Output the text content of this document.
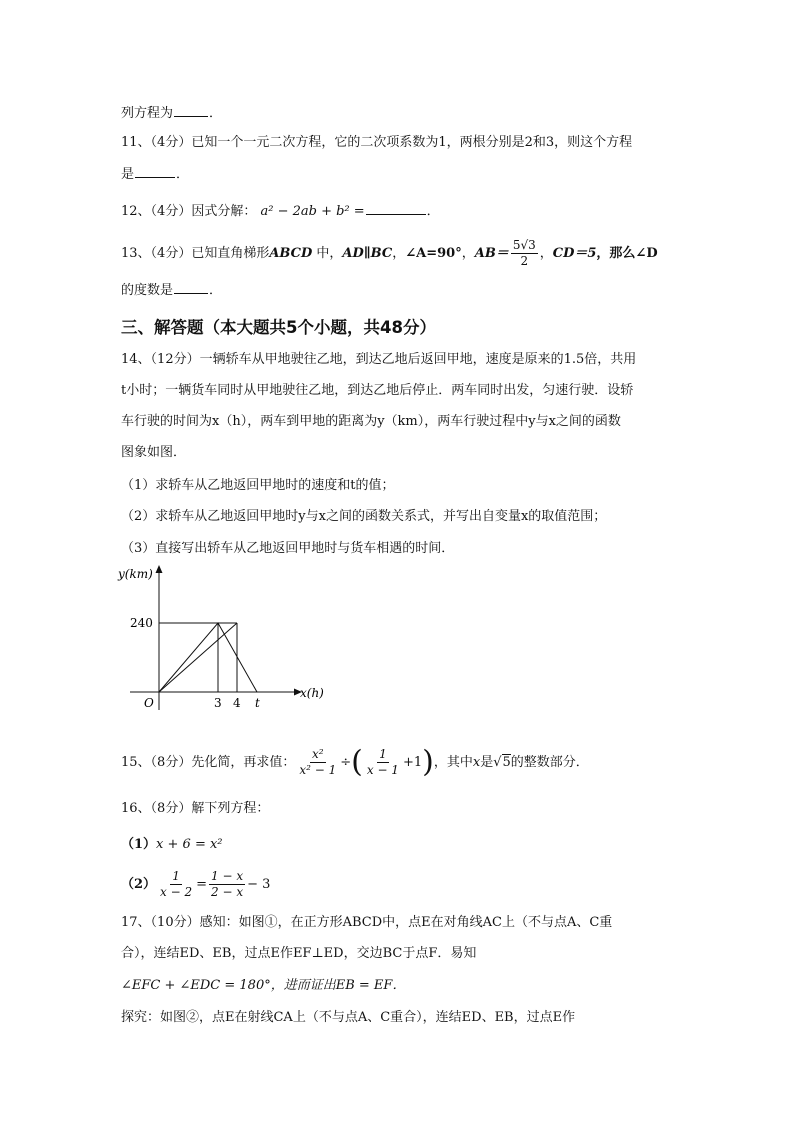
列方程为	．
11、（4分）已知一个一元二次方程，它的二次项系数为1，两根分别是2和3，则这个方程
是	．
12、（4分）因式分解： a² − 2ab + b² =	．
13、（4分）已知直角梯形ABCD 中，AD∥BC，∠A=90°，$AB= \frac{5√3}{2}$ ，CD＝5，那么∠D
的度数是	．
三、解答题（本大题共5个小题，共48分）
14、（12分）一辆轿车从甲地驶往乙地，到达乙地后返回甲地，速度是原来的1.5倍，共用
t小时；一辆货车同时从甲地驶往乙地，到达乙地后停止．两车同时出发，匀速行驶．设轿
车行驶的时间为x（h），两车到甲地的距离为y（km），两车行驶过程中y与x之间的函数
图象如图．
（1）求轿车从乙地返回甲地时的速度和t的值；
（2）求轿车从乙地返回甲地时y与x之间的函数关系式，并写出自变量x的取值范围；
（3）直接写出轿车从乙地返回甲地时与货车相遇的时间．
y(km)
x(h)
O
240
3 4 t
15、（8分）先化简，再求值： $\frac{\text{x²}}{\text{x² − 1}}$ ÷( $\frac{1}{x - 1} +1$)，其中x是√5的整数部分．
16、（8分）解下列方程：
（1）x + 6 = x²
$(2) \frac{1}{x - 2} = \frac{1 - x}{2 - x} - 3$
17、（10分）感知：如图①，在正方形ABCD中，点E在对角线AC上（不与点A、C重
合），连结ED、EB，过点E作EF⊥ED，交边BC于点F．易知
∠EFC + ∠EDC = 180°，进而证出EB = EF．
探究：如图②，点E在射线CA上（不与点A、C重合），连结ED、EB，过点E作
